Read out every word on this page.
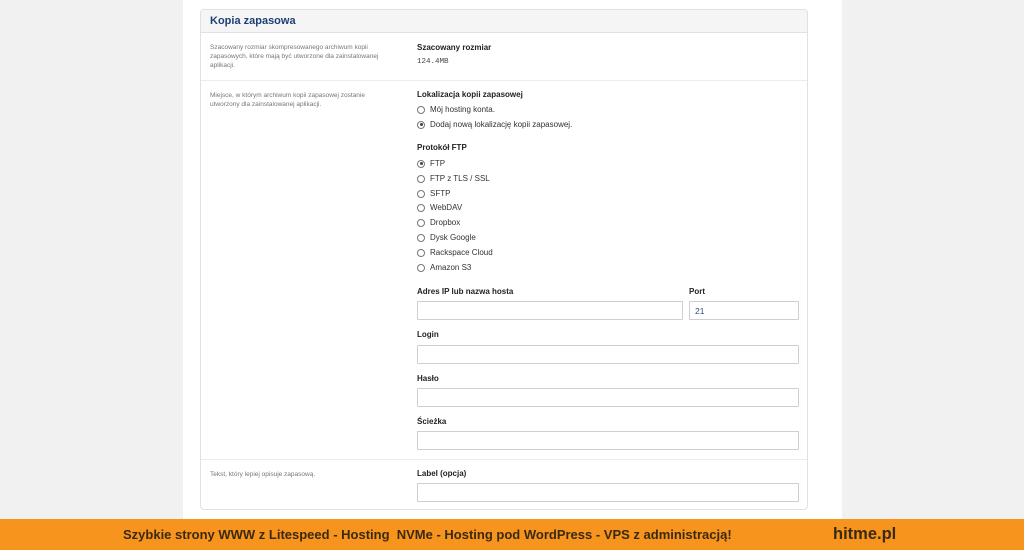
Kopia zapasowa
Szacowany rozmiar skompresowanego archiwum kopii zapasowych, które mają być utworzone dla zainstalowanej aplikacji.
Szacowany rozmiar
124.4MB
Miejsce, w którym archiwum kopii zapasowej zostanie utworzony dla zainstalowanej aplikacji.
Lokalizacja kopii zapasowej
Mój hosting konta.
Dodaj nową lokalizację kopii zapasowej.
Protokół FTP
FTP
FTP z TLS / SSL
SFTP
WebDAV
Dropbox
Dysk Google
Rackspace Cloud
Amazon S3
Adres IP lub nazwa hosta	Port
21
Login
Hasło
Ścieżka
Tekst, który lepiej opisuje zapasową.	Label (opcja)
Szybkie strony WWW z Litespeed - Hosting  NVMe - Hosting pod WordPress - VPS z administracją!	hitme.pl
